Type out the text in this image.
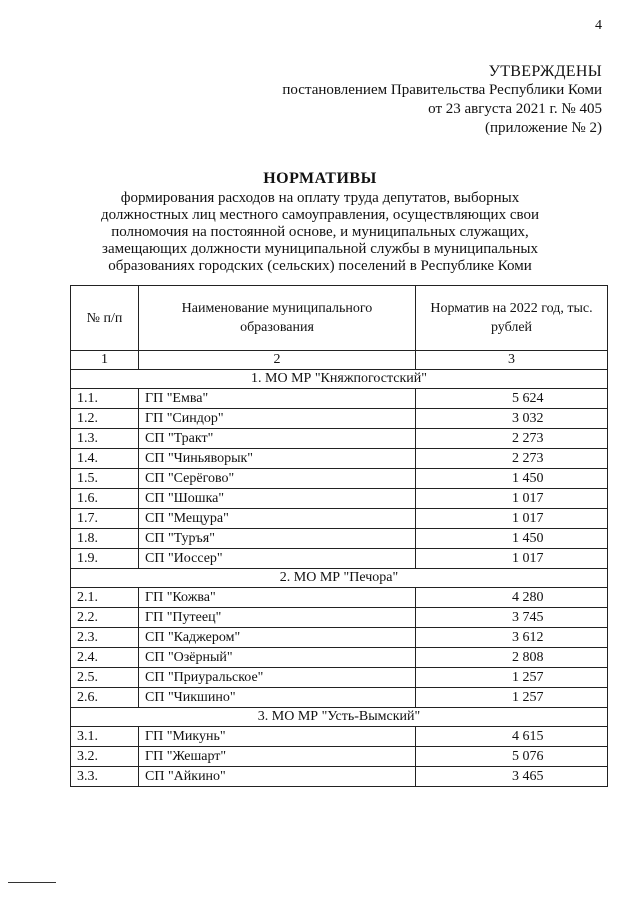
4
УТВЕРЖДЕНЫ
постановлением Правительства Республики Коми
от 23 августа 2021 г. № 405
(приложение № 2)
НОРМАТИВЫ
формирования расходов на оплату труда депутатов, выборных должностных лиц местного самоуправления, осуществляющих свои полномочия на постоянной основе, и муниципальных служащих, замещающих должности муниципальной службы в муниципальных образованиях городских (сельских) поселений в Республике Коми
№ п/п	Наименование муниципального образования	Норматив на 2022 год, тыс. рублей
1	2	3
1. МО МР "Княжпогостский"		
1.1.	ГП "Емва"	5 624
1.2.	ГП "Синдор"	3 032
1.3.	СП "Тракт"	2 273
1.4.	СП "Чиньяворык"	2 273
1.5.	СП "Серёгово"	1 450
1.6.	СП "Шошка"	1 017
1.7.	СП "Мещура"	1 017
1.8.	СП "Туръя"	1 450
1.9.	СП "Иоссер"	1 017
2. МО МР "Печора"		
2.1.	ГП "Кожва"	4 280
2.2.	ГП "Путеец"	3 745
2.3.	СП "Каджером"	3 612
2.4.	СП "Озёрный"	2 808
2.5.	СП "Приуральское"	1 257
2.6.	СП "Чикшино"	1 257
3. МО МР "Усть-Вымский"		
3.1.	ГП "Микунь"	4 615
3.2.	ГП "Жешарт"	5 076
3.3.	СП "Айкино"	3 465
